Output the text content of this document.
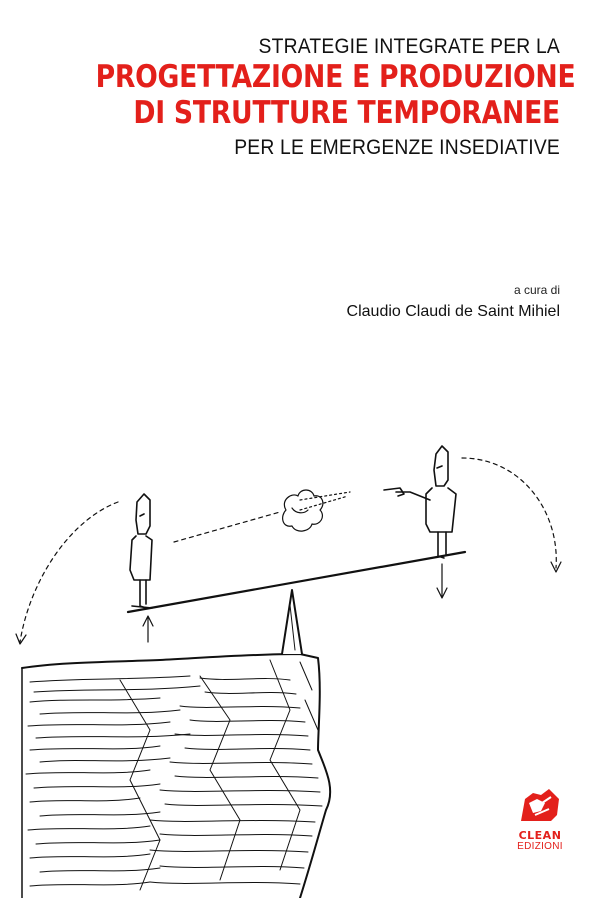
STRATEGIE INTEGRATE PER LA
PROGETTAZIONE E PRODUZIONE
DI STRUTTURE TEMPORANEE
PER LE EMERGENZE INSEDIATIVE
a cura di
Claudio Claudi de Saint Mihiel
CLEAN
EDIZIONI
